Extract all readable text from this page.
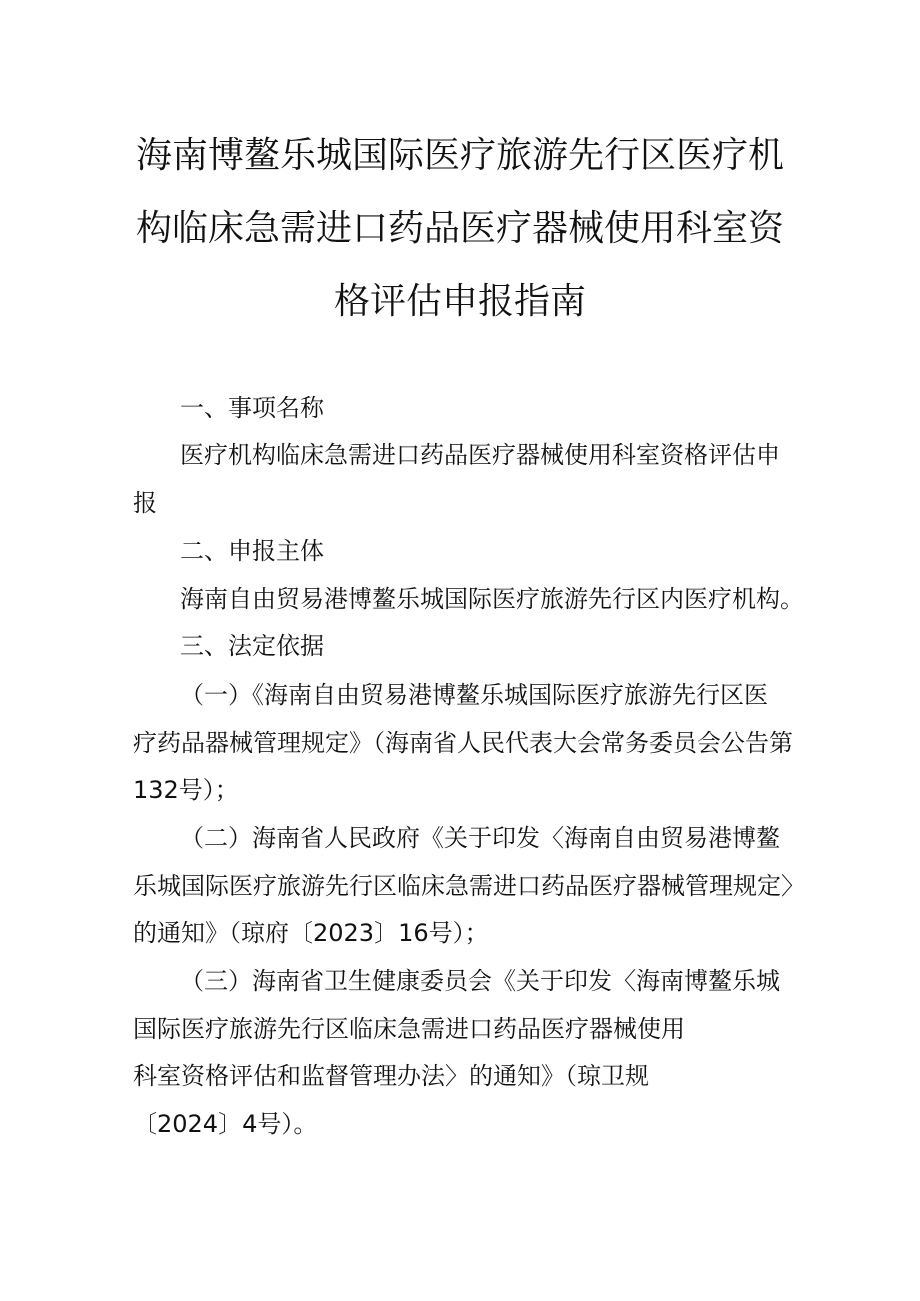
海南博鳌乐城国际医疗旅游先行区医疗机
构临床急需进口药品医疗器械使用科室资
格评估申报指南
一、事项名称
医疗机构临床急需进口药品医疗器械使用科室资格评估申
报
二、申报主体
海南自由贸易港博鳌乐城国际医疗旅游先行区内医疗机构。
三、法定依据
（一）《海南自由贸易港博鳌乐城国际医疗旅游先行区医
疗药品器械管理规定》（海南省人民代表大会常务委员会公告第
132号）；
（二）海南省人民政府《关于印发〈海南自由贸易港博鳌
乐城国际医疗旅游先行区临床急需进口药品医疗器械管理规定〉
的通知》（琼府〔2023〕16号）；
（三）海南省卫生健康委员会《关于印发〈海南博鳌乐城
国际医疗旅游先行区临床急需进口药品医疗器械使用
科室资格评估和监督管理办法〉的通知》（琼卫规
〔2024〕4号）。
